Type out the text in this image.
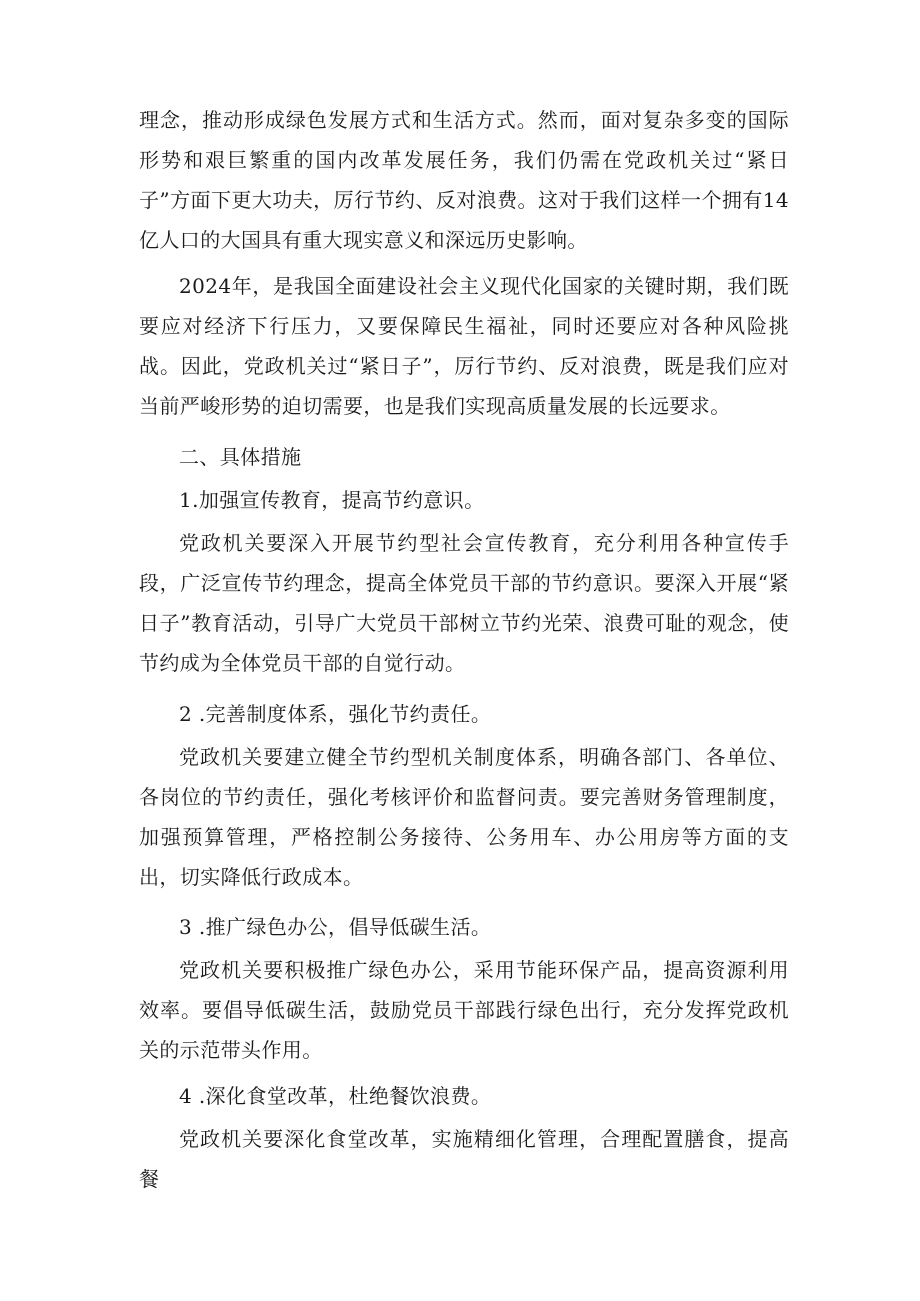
理念，推动形成绿色发展方式和生活方式。然而，面对复杂多变的国际形势和艰巨繁重的国内改革发展任务，我们仍需在党政机关过“紧日子”方面下更大功夫，厉行节约、反对浪费。这对于我们这样一个拥有14亿人口的大国具有重大现实意义和深远历史影响。

2024年，是我国全面建设社会主义现代化国家的关键时期，我们既要应对经济下行压力，又要保障民生福祉，同时还要应对各种风险挑战。因此，党政机关过“紧日子”，厉行节约、反对浪费，既是我们应对当前严峻形势的迫切需要，也是我们实现高质量发展的长远要求。

二、具体措施

1.加强宣传教育，提高节约意识。

党政机关要深入开展节约型社会宣传教育，充分利用各种宣传手段，广泛宣传节约理念，提高全体党员干部的节约意识。要深入开展“紧日子”教育活动，引导广大党员干部树立节约光荣、浪费可耻的观念，使节约成为全体党员干部的自觉行动。

2 .完善制度体系，强化节约责任。

党政机关要建立健全节约型机关制度体系，明确各部门、各单位、各岗位的节约责任，强化考核评价和监督问责。要完善财务管理制度，加强预算管理，严格控制公务接待、公务用车、办公用房等方面的支出，切实降低行政成本。

3 .推广绿色办公，倡导低碳生活。

党政机关要积极推广绿色办公，采用节能环保产品，提高资源利用效率。要倡导低碳生活，鼓励党员干部践行绿色出行，充分发挥党政机关的示范带头作用。

4 .深化食堂改革，杜绝餐饮浪费。

党政机关要深化食堂改革，实施精细化管理，合理配置膳食，提高餐
